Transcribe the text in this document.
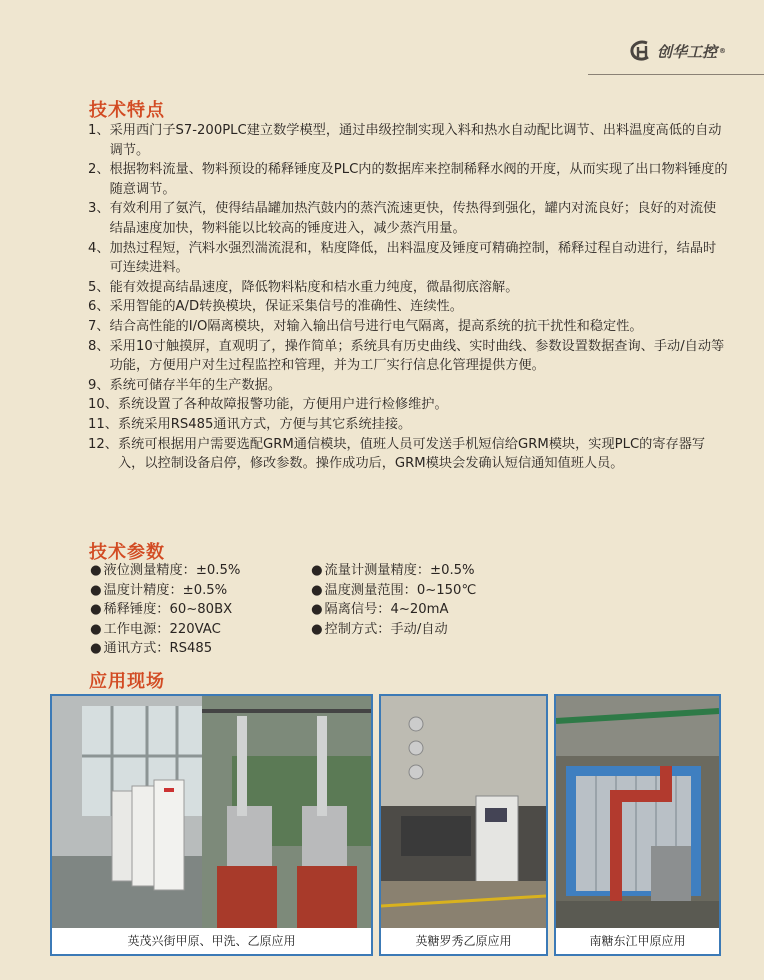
创华工控 ®
技术特点
1、 采用西门子S7-200PLC建立数学模型，通过串级控制实现入料和热水自动配比调节、出料温度高低的自动调节。
2、 根据物料流量、物料预设的稀释锤度及PLC内的数据库来控制稀释水阀的开度，从而实现了出口物料锤度的随意调节。
3、 有效利用了氨汽，使得结晶罐加热汽鼓内的蒸汽流速更快，传热得到强化，罐内对流良好；良好的对流使结晶速度加快，物料能以比较高的锤度进入，减少蒸汽用量。
4、 加热过程短，汽料水强烈湍流混和，粘度降低，出料温度及锤度可精确控制，稀释过程自动进行，结晶时可连续进料。
5、 能有效提高结晶速度，降低物料粘度和桔水重力纯度，微晶彻底溶解。
6、 采用智能的A/D转换模块，保证采集信号的准确性、连续性。
7、 结合高性能的I/O隔离模块，对输入输出信号进行电气隔离，提高系统的抗干扰性和稳定性。
8、 采用10寸触摸屏，直观明了，操作简单；系统具有历史曲线、实时曲线、参数设置数据查询、手动/自动等功能，方便用户对生过程监控和管理，并为工厂实行信息化管理提供方便。
9、 系统可储存半年的生产数据。
10、 系统设置了各种故障报警功能，方便用户进行检修维护。
11、 系统采用RS485通讯方式，方便与其它系统挂接。
12、 系统可根据用户需要选配GRM通信模块，值班人员可发送手机短信给GRM模块，实现PLC的寄存器写入，以控制设备启停，修改参数。操作成功后，GRM模块会发确认短信通知值班人员。
技术参数
● 液位测量精度：±0.5%	● 流量计测量精度：±0.5%
● 温度计精度：±0.5%	● 温度测量范围：0~150℃
● 稀释锤度：60~80BX	● 隔离信号：4~20mA
● 工作电源：220VAC	● 控制方式：手动/自动
● 通讯方式：RS485
应用现场
英茂兴街甲原、甲洗、乙原应用	英糖罗秀乙原应用	南糖东江甲原应用
